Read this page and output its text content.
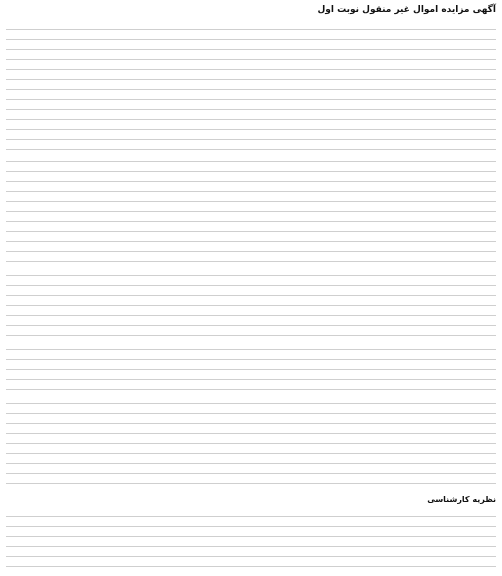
آگهی مزایده اموال غیر منقول نوبت اول

نظریه کارشناسی
